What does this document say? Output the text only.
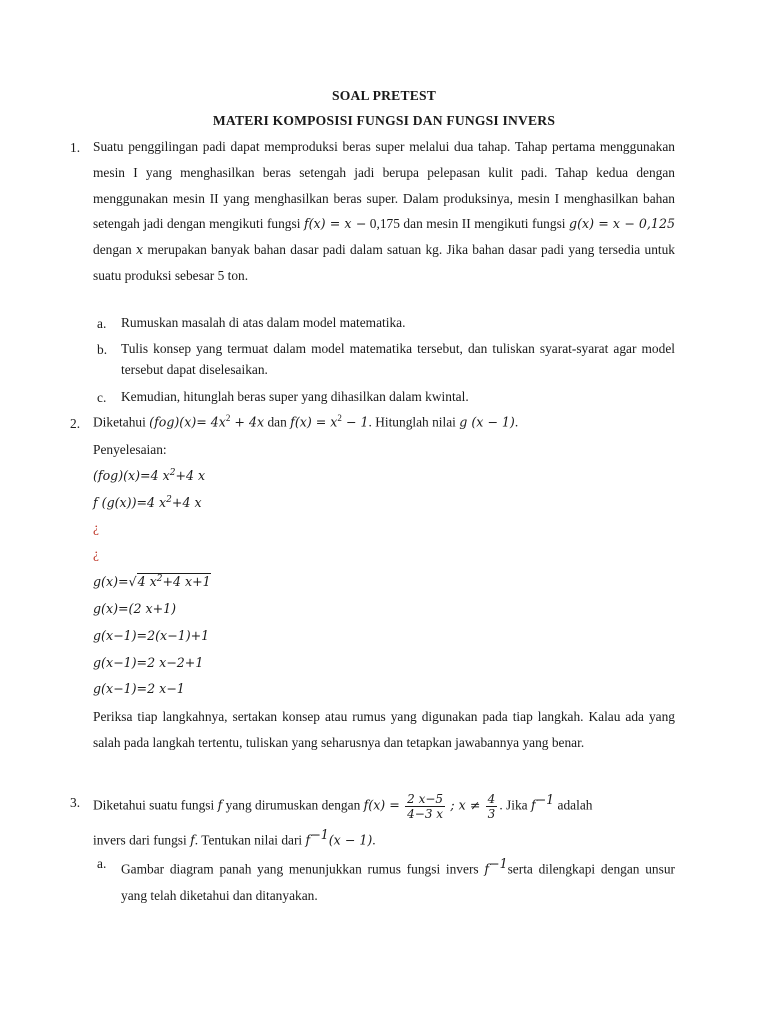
SOAL PRETEST
MATERI KOMPOSISI FUNGSI DAN FUNGSI INVERS
1. Suatu penggilingan padi dapat memproduksi beras super melalui dua tahap. Tahap pertama menggunakan mesin I yang menghasilkan beras setengah jadi berupa pelepasan kulit padi. Tahap kedua dengan menggunakan mesin II yang menghasilkan beras super. Dalam produksinya, mesin I menghasilkan bahan setengah jadi dengan mengikuti fungsi f(x) = x − 0,175 dan mesin II mengikuti fungsi g(x) = x − 0,125 dengan x merupakan banyak bahan dasar padi dalam satuan kg. Jika bahan dasar padi yang tersedia untuk suatu produksi sebesar 5 ton.
a. Rumuskan masalah di atas dalam model matematika.
b. Tulis konsep yang termuat dalam model matematika tersebut, dan tuliskan syarat-syarat agar model tersebut dapat diselesaikan.
c. Kemudian, hitunglah beras super yang dihasilkan dalam kwintal.
2. Diketahui $(fog)(x)= 4x^2 + 4x$ dan $f(x) = x^2 - 1$. Hitunglah nilai g (x − 1).
Penyelesaian:
(fog)(x)=4 $x^2+4$ x
f (g(x))=4 $x^2+4$ x
¿
¿
g(x)=√4 $x^2+4$ x+1
g(x)=(2 x+1)
g(x−1)=2(x−1)+1
g(x−1)=2 x−2+1
g(x−1)=2 x−1
Periksa tiap langkahnya, sertakan konsep atau rumus yang digunakan pada tiap langkah. Kalau ada yang salah pada langkah tertentu, tuliskan yang seharusnya dan tetapkan jawabannya yang benar.
3. Diketahui suatu fungsi f yang dirumuskan dengan $f(x) = \frac{2 x-5}{4-3 x}$ ; $x \ne \frac{4}{3}$ . Jika $f^{-1}$ adalah
invers dari fungsi f. Tentukan nilai dari $f^{-1}(x - 1)$.
a. Gambar diagram panah yang menunjukkan rumus fungsi invers $f^{-1}serta$ dilengkapi dengan unsur yang telah diketahui dan ditanyakan.
